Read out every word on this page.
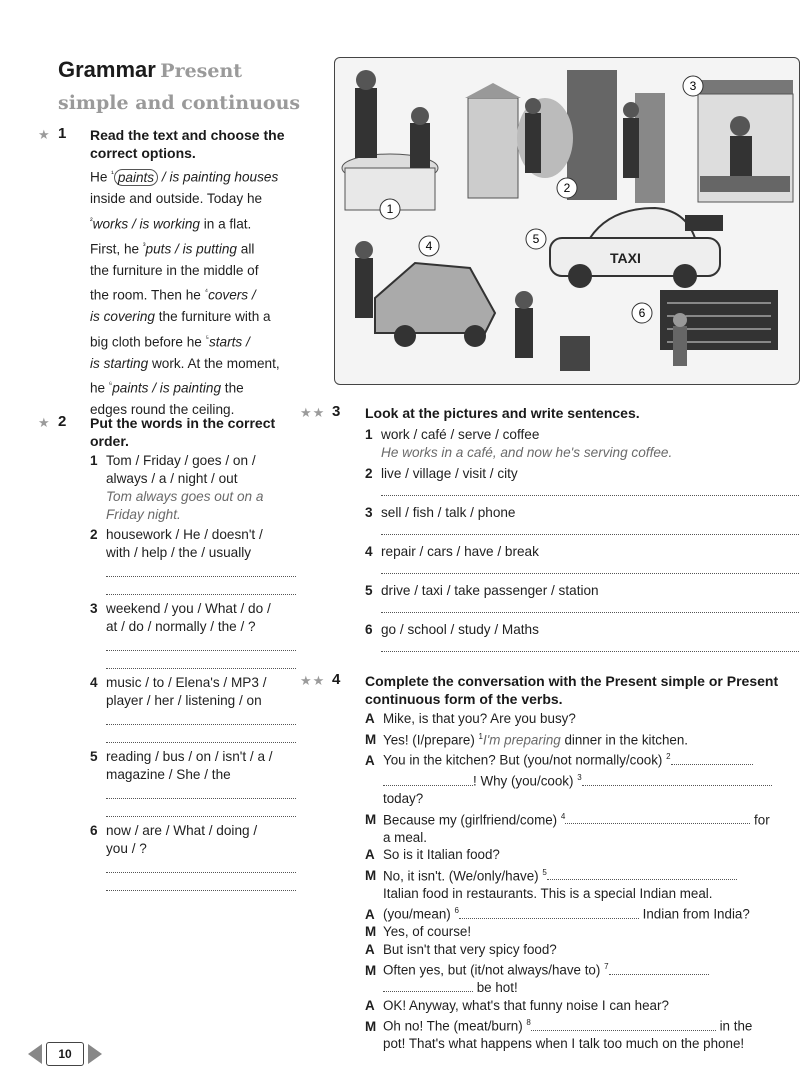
Grammar Present
simple and continuous
★ 1 Read the text and choose the correct options.
He $^{^1}$ paints / is painting houses
inside and outside. Today he
$^{^2}$works / is working in a flat.
First, he $^{^3}$puts / is putting all
the furniture in the middle of
the room. Then he $^{^4}$covers /
is covering the furniture with a
big cloth before he $^{^5}$starts /
is starting work. At the moment,
he $^{^6}$paints / is painting the
edges round the ceiling.
★ 2 Put the words in the correct order.
1 Tom / Friday / goes / on /
always / a / night / out
Tom always goes out on a
Friday night.
2 housework / He / doesn't /
with / help / the / usually
3 weekend / you / What / do /
at / do / normally / the / ?
4 music / to / Elena's / MP3 /
player / her / listening / on
5 reading / bus / on / isn't / a /
magazine / She / the
6 now / are / What / doing /
you / ?
TAXI
1
2
3
4	5
6
★★ 3 Look at the pictures and write sentences.
1 work / café / serve / coffee
He works in a café, and now he's serving coffee.
2 live / village / visit / city
3 sell / fish / talk / phone
4 repair / cars / have / break
5 drive / taxi / take passenger / station
6 go / school / study / Maths
★★ 4 Complete the conversation with the Present simple or Present
continuous form of the verbs.
A Mike, is that you? Are you busy?
M Yes! (I/prepare) $^1$I'm preparing dinner in the kitchen.
A You in the kitchen? But (you/not normally/cook) $^2$
! Why (you/cook) $^3$
today?
M Because my (girlfriend/come) $^4$	for
a meal.
A So is it Italian food?
M No, it isn't. (We/only/have) $^5$
Italian food in restaurants. This is a special Indian meal.
A (you/mean) $^6$	Indian from India?
M Yes, of course!
A But isn't that very spicy food?
M Often yes, but (it/not always/have to) $^7$
be hot!
A OK! Anyway, what's that funny noise I can hear?
M Oh no! The (meat/burn) $^8$	in the
pot! That's what happens when I talk too much on the phone!
10
